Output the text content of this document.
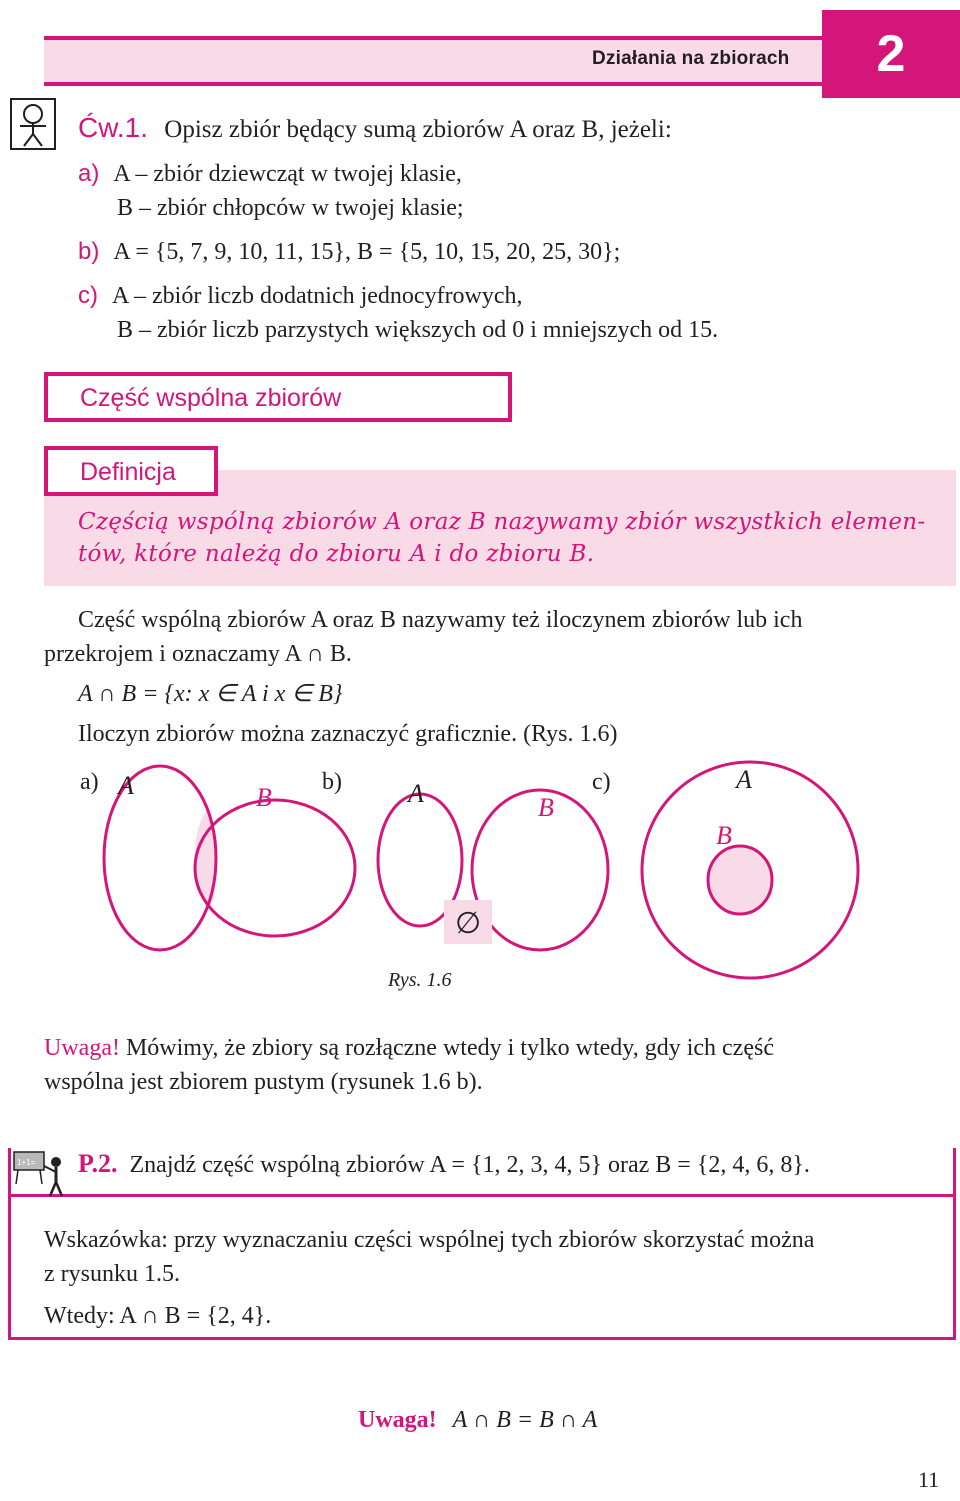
Działania na zbiorach	2
Ćw.1. Opisz zbiór będący sumą zbiorów A oraz B, jeżeli:
a) A – zbiór dziewcząt w twojej klasie,
B – zbiór chłopców w twojej klasie;
b) A = {5, 7, 9, 10, 11, 15}, B = {5, 10, 15, 20, 25, 30};
c) A – zbiór liczb dodatnich jednocyfrowych,
B – zbiór liczb parzystych większych od 0 i mniejszych od 15.
Część wspólna zbiorów
Definicja
Częścią wspólną zbiorów A oraz B nazywamy zbiór wszystkich elemen-
tów, które należą do zbioru A i do zbioru B.
Część wspólną zbiorów A oraz B nazywamy też iloczynem zbiorów lub ich
przekrojem i oznaczamy A ∩ B.
A ∩ B = {x: x ∈ A i x ∈ B}
Iloczyn zbiorów można zaznaczyć graficznie. (Rys. 1.6)
a) A	B
b)	A	B
c)	A
B
∅
Rys. 1.6
Uwaga! Mówimy, że zbiory są rozłączne wtedy i tylko wtedy, gdy ich część
wspólna jest zbiorem pustym (rysunek 1.6 b).
1+1= P.2. Znajdź część wspólną zbiorów A = {1, 2, 3, 4, 5} oraz B = {2, 4, 6, 8}.
Wskazówka: przy wyznaczaniu części wspólnej tych zbiorów skorzystać można
z rysunku 1.5.
Wtedy: A ∩ B = {2, 4}.
Uwaga! A ∩ B = B ∩ A
11
